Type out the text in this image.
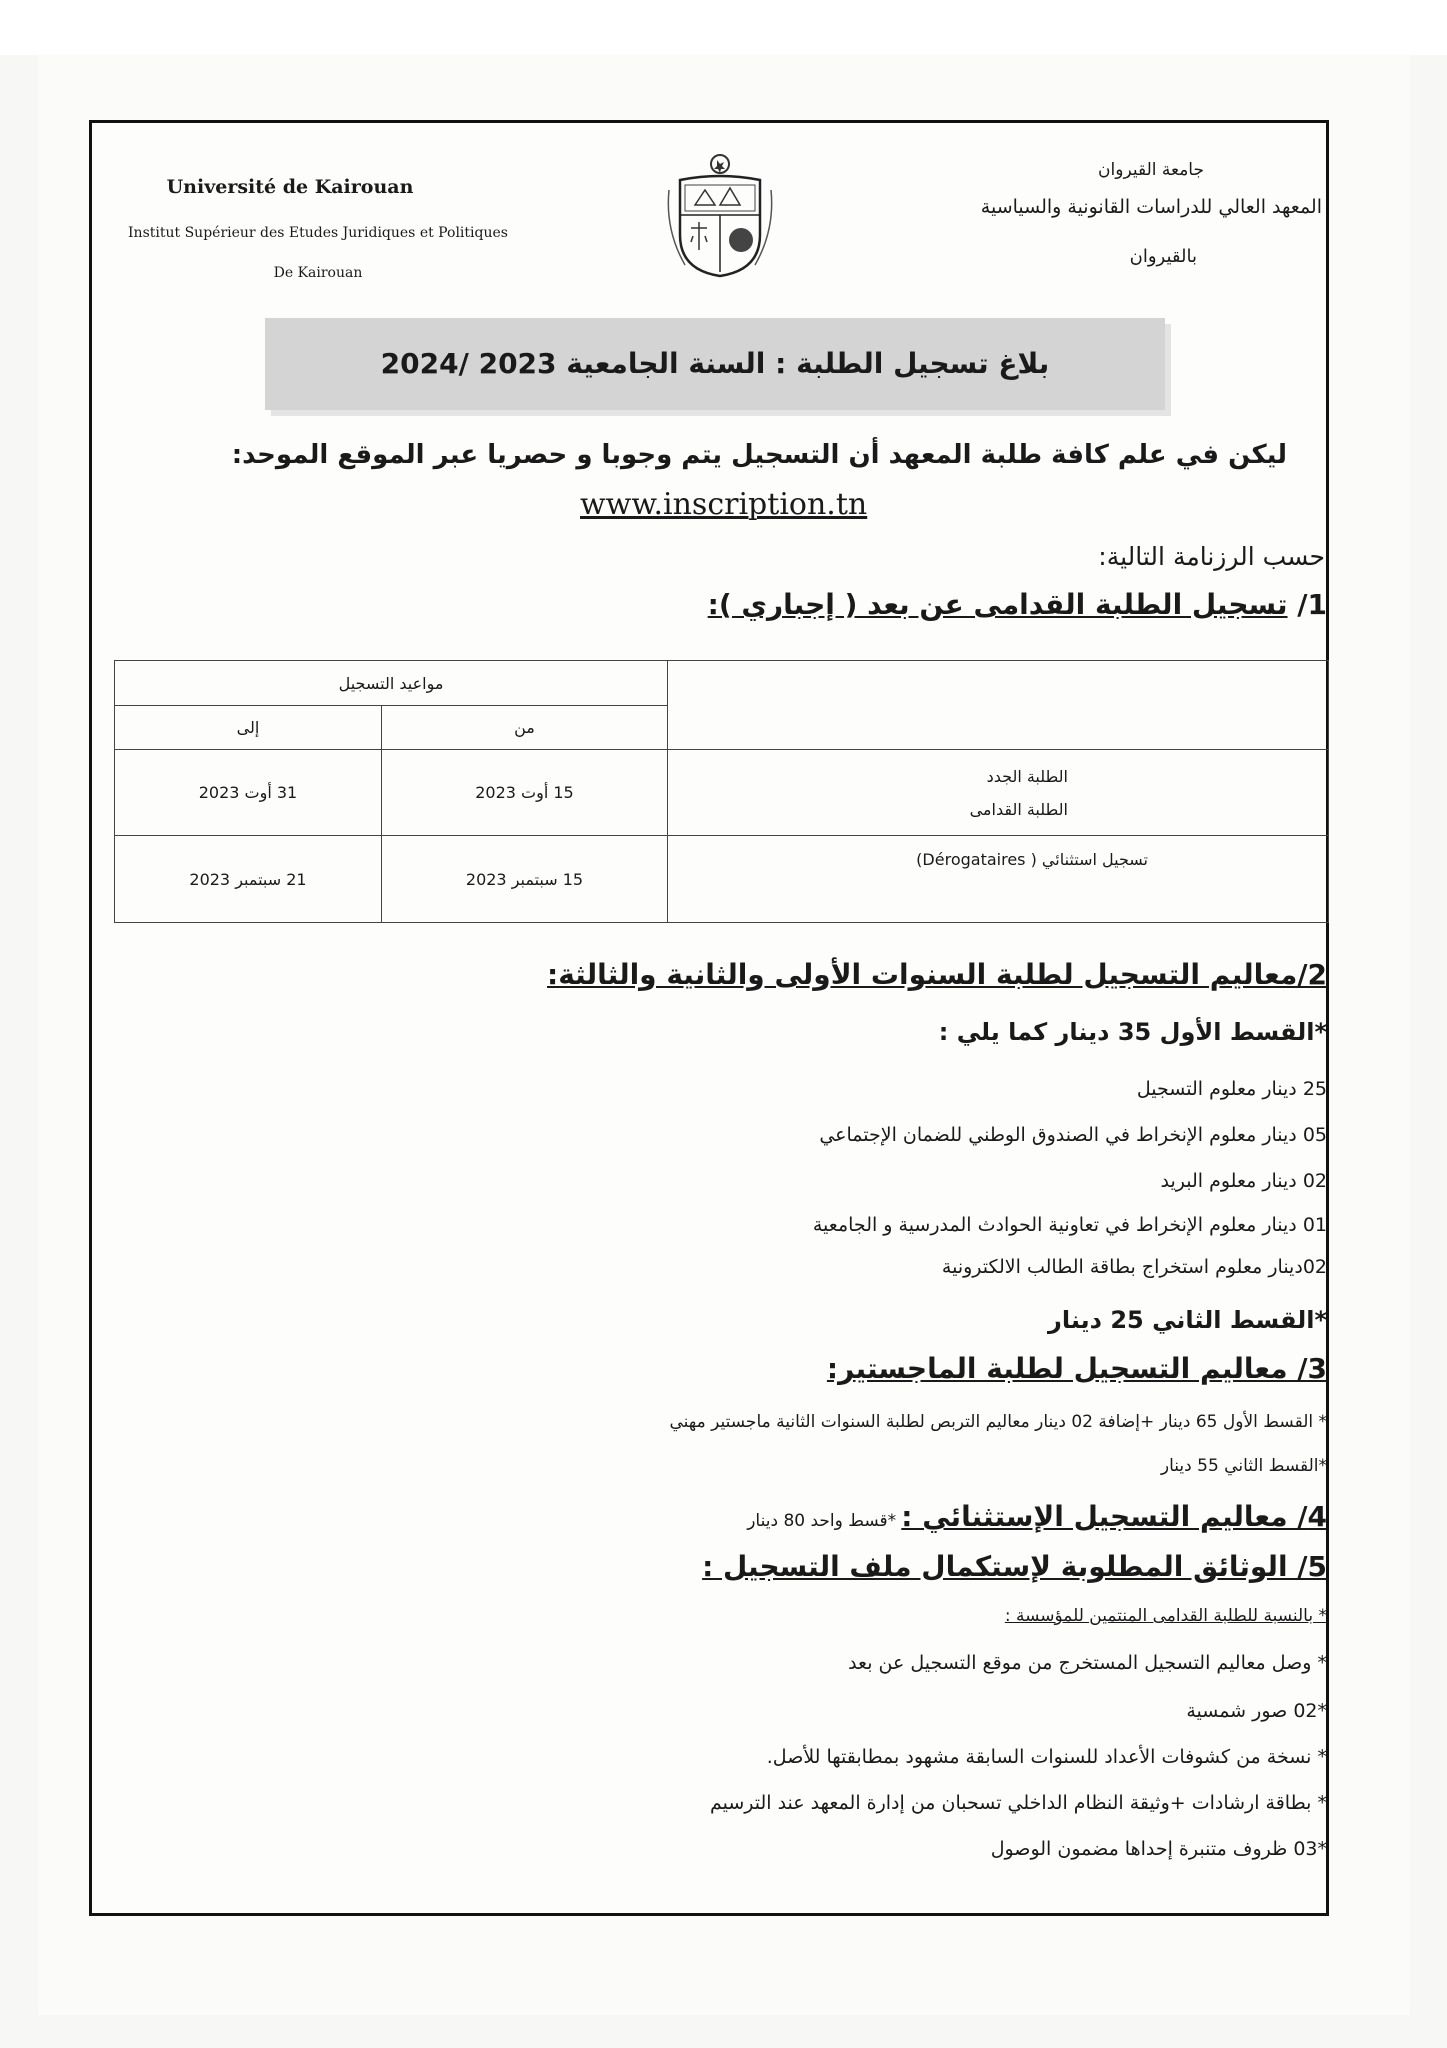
Université de Kairouan
Institut Supérieur des Etudes Juridiques et Politiques
De Kairouan
جامعة القيروان
المعهد العالي للدراسات القانونية والسياسية
بالقيروان
بلاغ تسجيل الطلبة : السنة الجامعية 2023 /2024
ليكن في علم كافة طلبة المعهد أن التسجيل يتم وجوبا و حصريا عبر الموقع الموحد:
www.inscription.tn
حسب الرزنامة التالية:
1/ تسجيل الطلبة القدامى عن بعد ( إجباري ):
	مواعيد التسجيل	
	من	إلى

الطلبة الجدد
الطلبة القدامى	15 أوت 2023	31 أوت 2023

تسجيل استثنائي ( Dérogataires)	15 سبتمبر 2023	21 سبتمبر 2023
2/معاليم التسجيل لطلبة السنوات الأولى والثانية والثالثة:
*القسط الأول 35 دينار كما يلي :
25 دينار معلوم التسجيل
05 دينار معلوم الإنخراط في الصندوق الوطني للضمان الإجتماعي
02 دينار معلوم البريد
01 دينار معلوم الإنخراط في تعاونية الحوادث المدرسية و الجامعية
02دينار معلوم استخراج بطاقة الطالب الالكترونية
*القسط الثاني 25 دينار
3/ معاليم التسجيل لطلبة الماجستير:
* القسط الأول 65 دينار +إضافة 02 دينار معاليم التربص لطلبة السنوات الثانية ماجستير مهني
*القسط الثاني 55 دينار
4/ معاليم التسجيل الإستثنائي : *قسط واحد 80 دينار
5/ الوثائق المطلوبة لإستكمال ملف التسجيل :
* بالنسبة للطلبة القدامى المنتمين للمؤسسة :
* وصل معاليم التسجيل المستخرج من موقع التسجيل عن بعد
*02 صور شمسية
* نسخة من كشوفات الأعداد للسنوات السابقة مشهود بمطابقتها للأصل.
* بطاقة ارشادات +وثيقة النظام الداخلي تسحبان من إدارة المعهد عند الترسيم
*03 ظروف متنبرة إحداها مضمون الوصول
